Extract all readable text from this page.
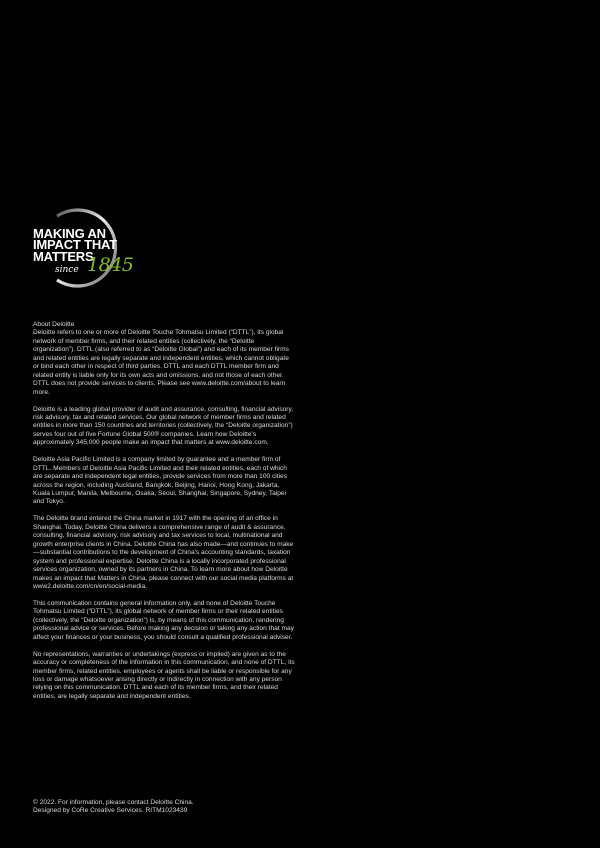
MAKING AN
IMPACT THAT
MATTERS
since 1845

About Deloitte
Deloitte refers to one or more of Deloitte Touche Tohmatsu Limited (“DTTL”), its global network of member firms, and their related entities (collectively, the “Deloitte organization”). DTTL (also referred to as “Deloitte Global”) and each of its member firms and related entities are legally separate and independent entities, which cannot obligate or bind each other in respect of third parties. DTTL and each DTTL member firm and related entity is liable only for its own acts and omissions, and not those of each other. DTTL does not provide services to clients. Please see www.deloitte.com/about to learn more.

Deloitte is a leading global provider of audit and assurance, consulting, financial advisory, risk advisory, tax and related services. Our global network of member firms and related entities in more than 150 countries and territories (collectively, the “Deloitte organization”) serves four out of five Fortune Global 500® companies. Learn how Deloitte’s approximately 345,000 people make an impact that matters at www.deloitte.com.

Deloitte Asia Pacific Limited is a company limited by guarantee and a member firm of DTTL. Members of Deloitte Asia Pacific Limited and their related entities, each of which are separate and independent legal entities, provide services from more than 100 cities across the region, including Auckland, Bangkok, Beijing, Hanoi, Hong Kong, Jakarta, Kuala Lumpur, Manila, Melbourne, Osaka, Seoul, Shanghai, Singapore, Sydney, Taipei and Tokyo.

The Deloitte brand entered the China market in 1917 with the opening of an office in Shanghai. Today, Deloitte China delivers a comprehensive range of audit & assurance, consulting, financial advisory, risk advisory and tax services to local, multinational and growth enterprise clients in China. Deloitte China has also made—and continues to make—substantial contributions to the development of China's accounting standards, taxation system and professional expertise. Deloitte China is a locally incorporated professional services organization, owned by its partners in China. To learn more about how Deloitte makes an impact that Matters in China, please connect with our social media platforms at www2.deloitte.com/cn/en/social-media.

This communication contains general information only, and none of Deloitte Touche Tohmatsu Limited (“DTTL”), its global network of member firms or their related entities (collectively, the “Deloitte organization”) is, by means of this communication, rendering professional advice or services. Before making any decision or taking any action that may affect your finances or your business, you should consult a qualified professional adviser.

No representations, warranties or undertakings (express or implied) are given as to the accuracy or completeness of the information in this communication, and none of DTTL, its member firms, related entities, employees or agents shall be liable or responsible for any loss or damage whatsoever arising directly or indirectly in connection with any person relying on this communication. DTTL and each of its member firms, and their related entities, are legally separate and independent entities.

© 2022. For information, please contact Deloitte China.
Designed by CoRe Creative Services. RITM1023439
